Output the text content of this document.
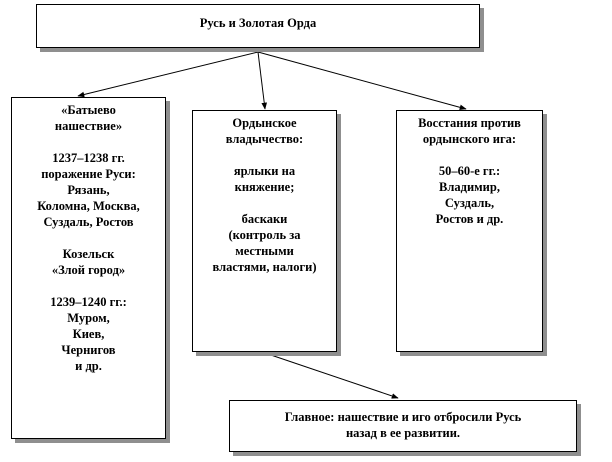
Русь и Золотая Орда
«Батыево
нашествие»
1237–1238 гг.
поражение Руси:
Рязань,
Коломна, Москва,
Суздаль, Ростов
Козельск
«Злой город»
1239–1240 гг.:
Муром,
Киев,
Чернигов
и др.
Ордынское
владычество:
ярлыки на
княжение;
баскаки
(контроль за
местными
властями, налоги)
Восстания против
ордынского ига:
50–60-е гг.:
Владимир,
Суздаль,
Ростов и др.
Главное: нашествие и иго отбросили Русь
назад в ее развитии.
